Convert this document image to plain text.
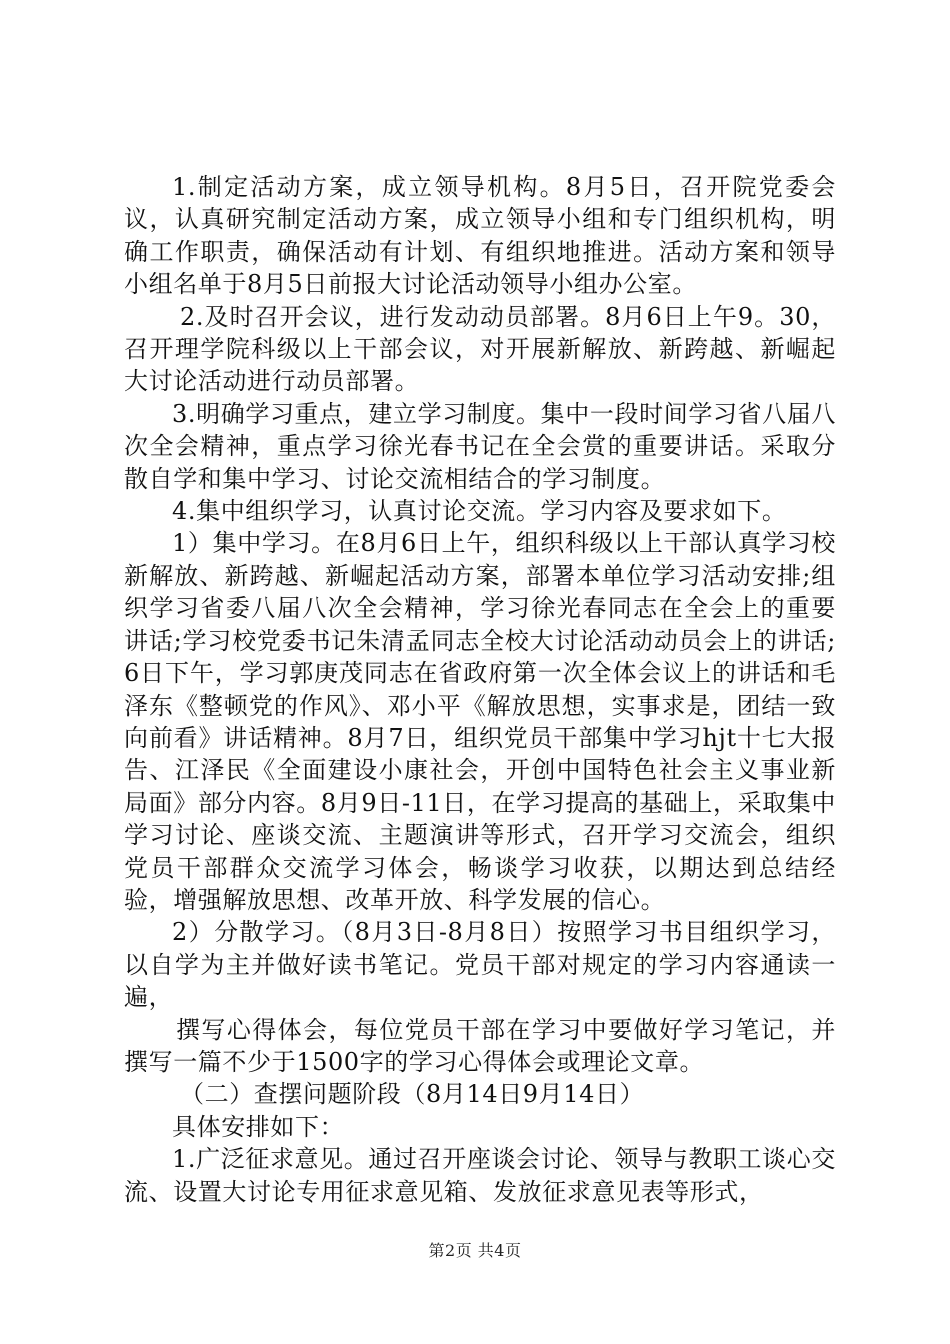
1.制定活动方案，成立领导机构。8月5日，召开院党委会议，认真研究制定活动方案，成立领导小组和专门组织机构，明确工作职责，确保活动有计划、有组织地推进。活动方案和领导小组名单于8月5日前报大讨论活动领导小组办公室。

2.及时召开会议，进行发动动员部署。8月6日上午9。30，召开理学院科级以上干部会议，对开展新解放、新跨越、新崛起大讨论活动进行动员部署。

3.明确学习重点，建立学习制度。集中一段时间学习省八届八次全会精神，重点学习徐光春书记在全会赏的重要讲话。采取分散自学和集中学习、讨论交流相结合的学习制度。

4.集中组织学习，认真讨论交流。学习内容及要求如下。

1）集中学习。在8月6日上午，组织科级以上干部认真学习校新解放、新跨越、新崛起活动方案，部署本单位学习活动安排;组织学习省委八届八次全会精神，学习徐光春同志在全会上的重要讲话;学习校党委书记朱清孟同志全校大讨论活动动员会上的讲话;6日下午，学习郭庚茂同志在省政府第一次全体会议上的讲话和毛泽东《整顿党的作风》、邓小平《解放思想，实事求是，团结一致向前看》讲话精神。8月7日，组织党员干部集中学习hjt十七大报告、江泽民《全面建设小康社会，开创中国特色社会主义事业新局面》部分内容。8月9日-11日，在学习提高的基础上，采取集中学习讨论、座谈交流、主题演讲等形式，召开学习交流会，组织党员干部群众交流学习体会，畅谈学习收获，以期达到总结经验，增强解放思想、改革开放、科学发展的信心。

2）分散学习。（8月3日-8月8日）按照学习书目组织学习，以自学为主并做好读书笔记。党员干部对规定的学习内容通读一遍，

撰写心得体会，每位党员干部在学习中要做好学习笔记，并撰写一篇不少于1500字的学习心得体会或理论文章。

（二）查摆问题阶段（8月14日9月14日）

具体安排如下：

1.广泛征求意见。通过召开座谈会讨论、领导与教职工谈心交流、设置大讨论专用征求意见箱、发放征求意见表等形式，

第2页 共4页
